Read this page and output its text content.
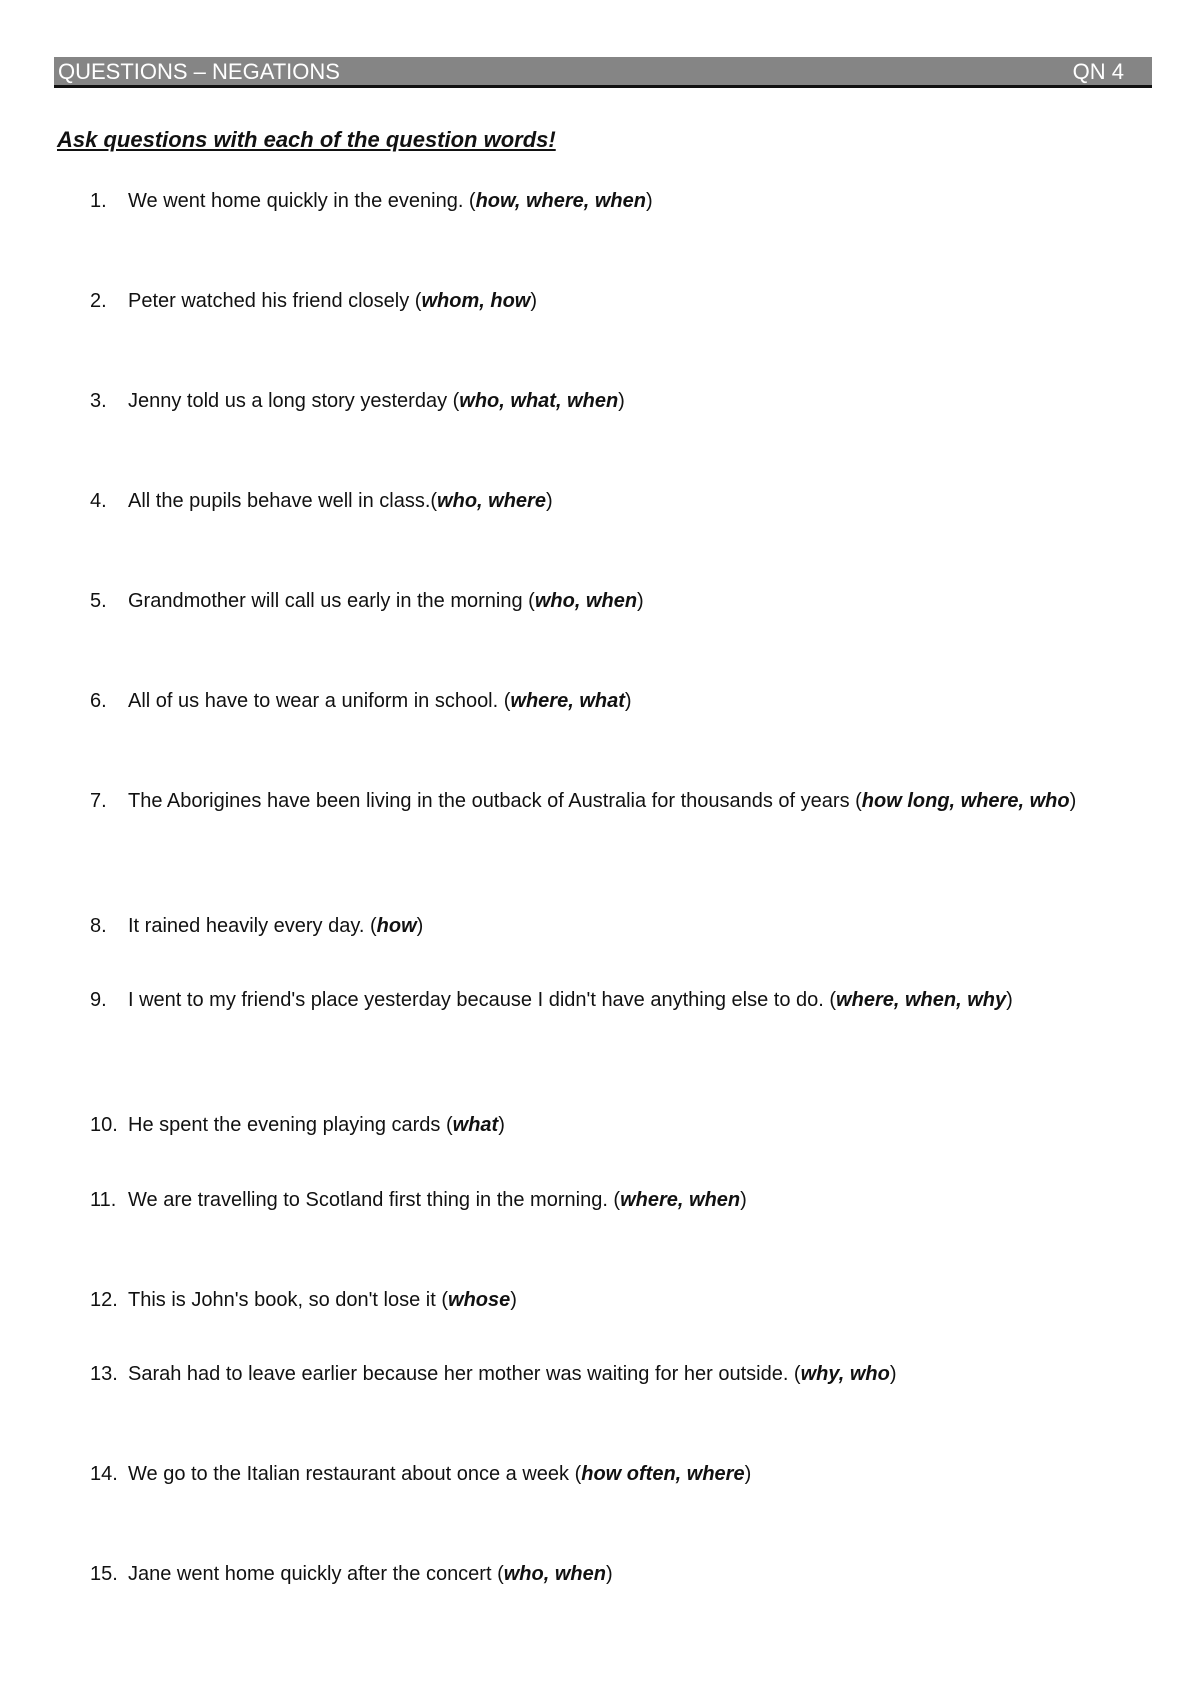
QUESTIONS – NEGATIONS	QN 4
Ask questions with each of the question words!
1.	We went home quickly in the evening. (how, where, when)
2.	Peter watched his friend closely (whom, how)
3.	Jenny told us a long story yesterday (who, what, when)
4.	All the pupils behave well in class.(who, where)
5.	Grandmother will call us early in the morning (who, when)
6.	All of us have to wear a uniform in school. (where, what)
7.	The Aborigines have been living in the outback of Australia for thousands of years (how long, where, who)
8.	It rained heavily every day. (how)
9.	I went to my friend's place yesterday because I didn't have anything else to do. (where, when, why)
10. He spent the evening playing cards (what)
11. We are travelling to Scotland first thing in the morning. (where, when)
12. This is John's book, so don't lose it (whose)
13. Sarah had to leave earlier because her mother was waiting for her outside. (why, who)
14. We go to the Italian restaurant about once a week (how often, where)
15. Jane went home quickly after the concert (who, when)
